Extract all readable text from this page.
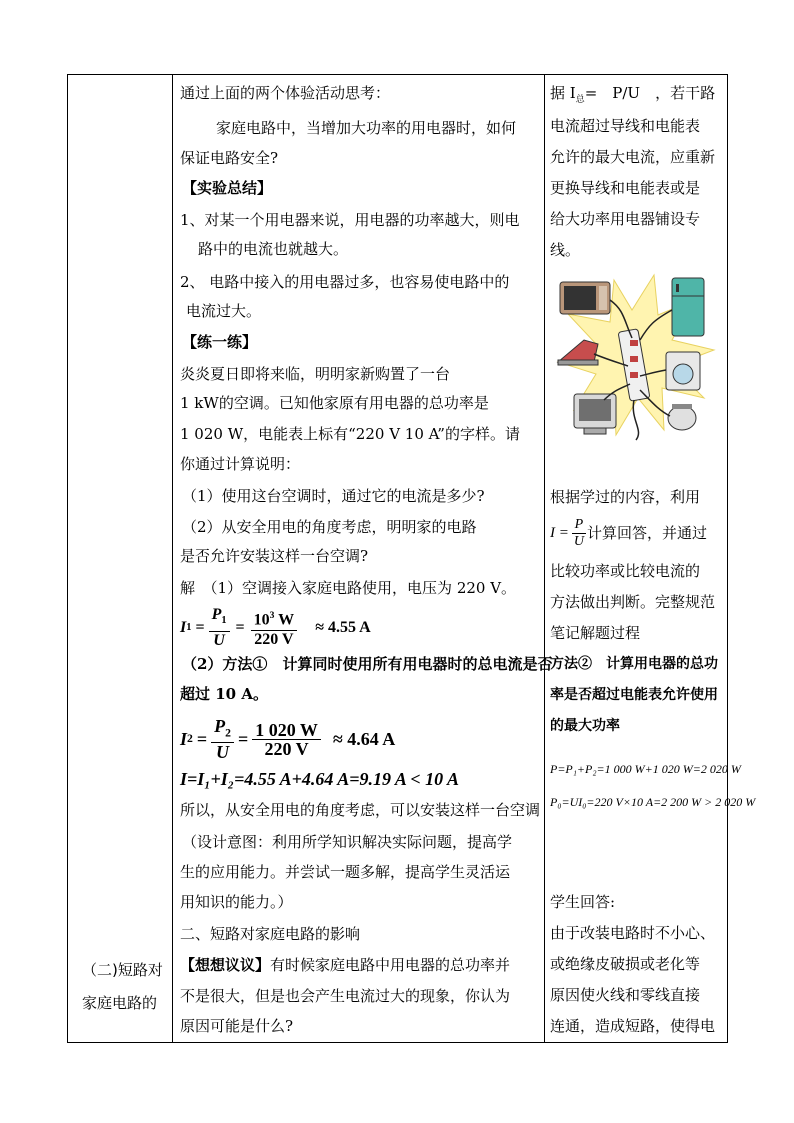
（二)短路对
家庭电路的
通过上面的两个体验活动思考：
家庭电路中，当增加大功率的用电器时，如何
保证电路安全?
【实验总结】
1、对某一个用电器来说，用电器的功率越大，则电
路中的电流也就越大。
2、 电路中接入的用电器过多，也容易使电路中的
电流过大。
【练一练】
炎炎夏日即将来临，明明家新购置了一台
1 kW的空调。已知他家原有用电器的总功率是
1 020 W，电能表上标有“220 V 10 A”的字样。请
你通过计算说明：
（1）使用这台空调时，通过它的电流是多少?
（2）从安全用电的角度考虑，明明家的电路
是否允许安装这样一台空调?
解　（1）空调接入家庭电路使用，电压为 220 V。
I $1 = \frac{P_1}{U} = \frac{10^3 W}{220 V} \approx 4.55$ A
（2）方法①　计算同时使用所有用电器时的总电流是否
超过 10 A。
I $2 = \frac{P_2}{U} = \frac{1 020 W}{220 V} \approx 4.64$ A
I=I₁+I₂=4.55 A+4.64 A=9.19 A < 10 A
所以，从安全用电的角度考虑，可以安装这样一台空调
（设计意图：利用所学知识解决实际问题，提高学
生的应用能力。并尝试一题多解，提高学生灵活运
用知识的能力。）
二、短路对家庭电路的影响
【想想议议】有时候家庭电路中用电器的总功率并
不是很大，但是也会产生电流过大的现象，你认为
原因可能是什么?
据 $I_总=$　P/U　，若干路
电流超过导线和电能表
允许的最大电流，应重新
更换导线和电能表或是
给大功率用电器铺设专
线。
根据学过的内容，利用
$I = \frac{P}{U}$ 计算回答，并通过
比较功率或比较电流的
方法做出判断。完整规范
笔记解题过程
方法②　计算用电器的总功
率是否超过电能表允许使用
的最大功率
P=P₁+P₂=1 000 W+1 020 W=2 020 W
P₀=UI₀=220 V×10 A=2 200 W > 2 020 W
学生回答:
由于改装电路时不小心、
或绝缘皮破损或老化等
原因使火线和零线直接
连通，造成短路，使得电
